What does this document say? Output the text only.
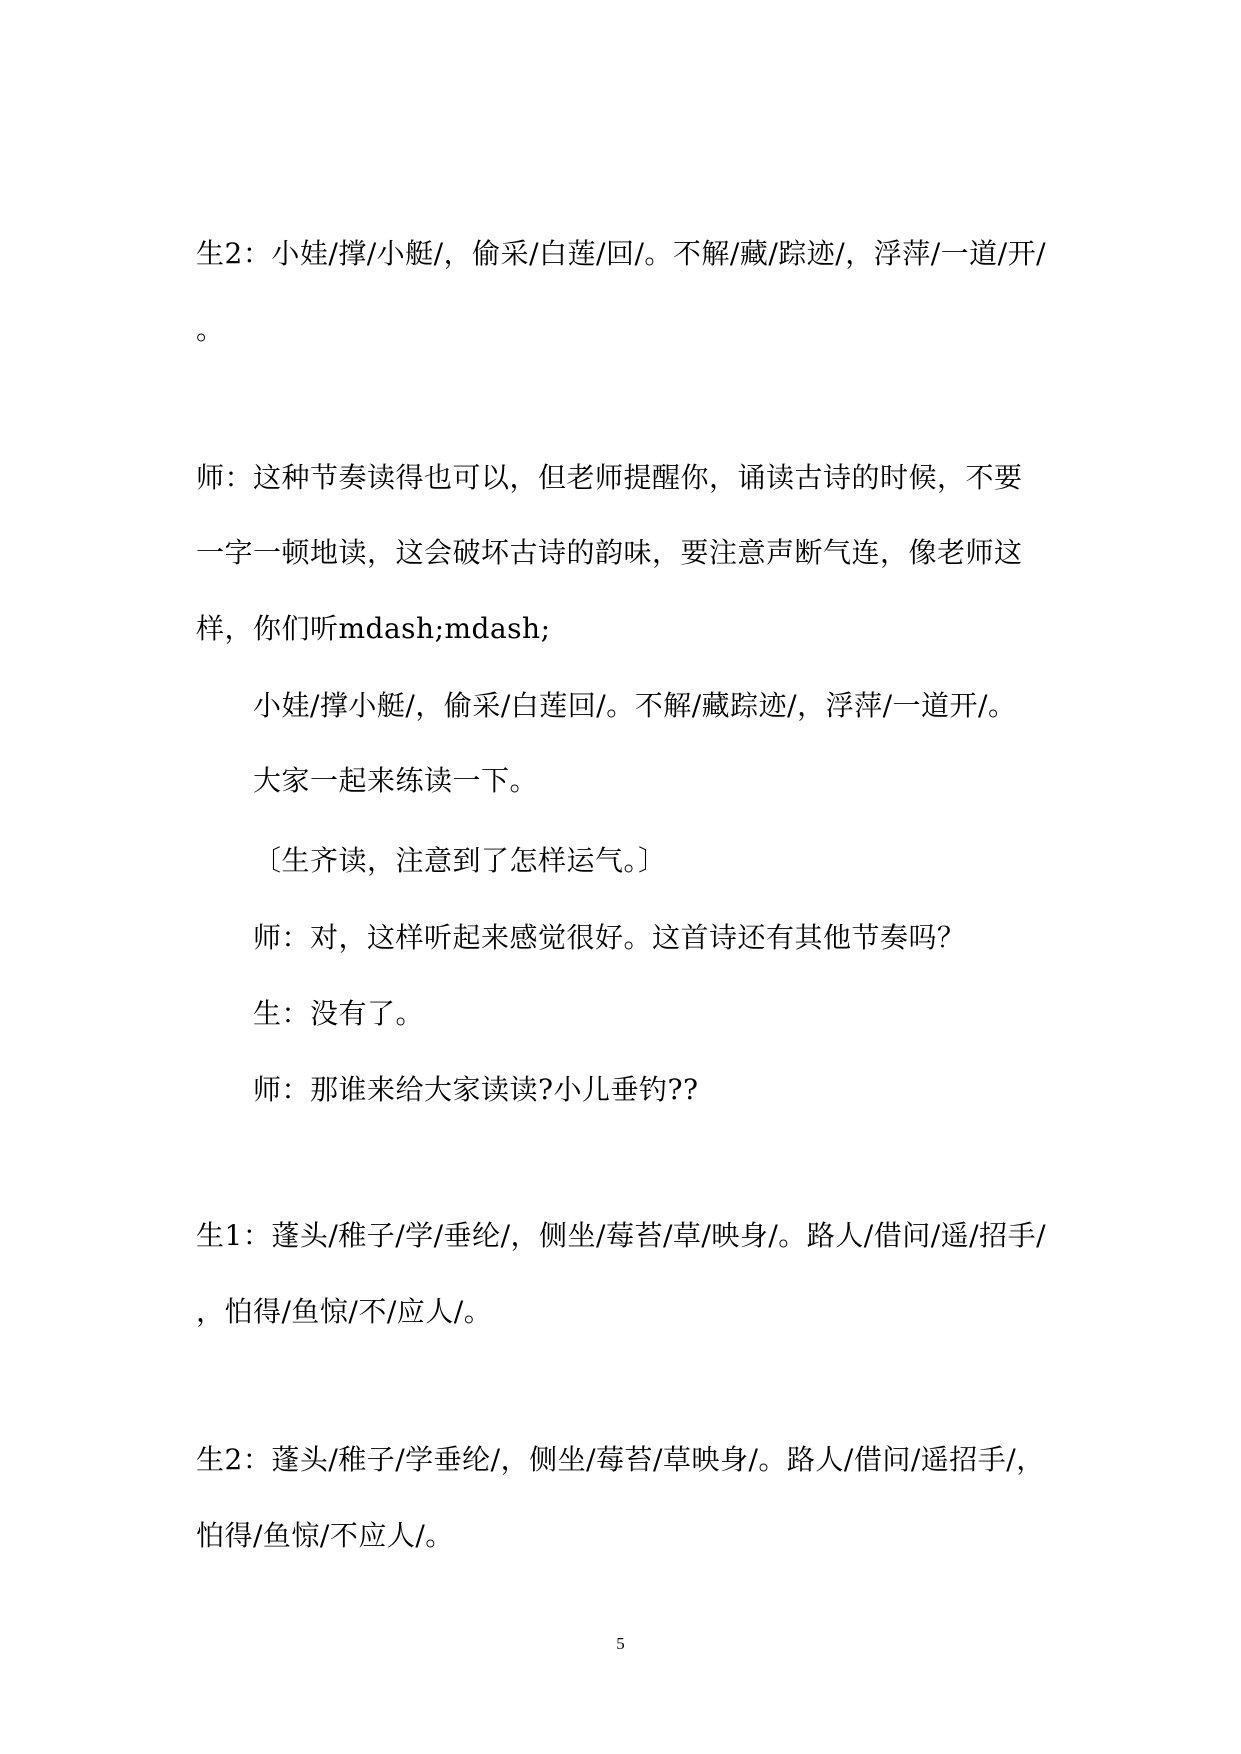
生2：小娃/撑/小艇/，偷采/白莲/回/。不解/藏/踪迹/，浮萍/一道/开/
。
师：这种节奏读得也可以，但老师提醒你，诵读古诗的时候，不要
一字一顿地读，这会破坏古诗的韵味，要注意声断气连，像老师这
样，你们听mdash;mdash;
小娃/撑小艇/，偷采/白莲回/。不解/藏踪迹/，浮萍/一道开/。
大家一起来练读一下。
〔生齐读，注意到了怎样运气。〕
师：对，这样听起来感觉很好。这首诗还有其他节奏吗？
生：没有了。
师：那谁来给大家读读?小儿垂钓??
生1：蓬头/稚子/学/垂纶/，侧坐/莓苔/草/映身/。路人/借问/遥/招手/
，怕得/鱼惊/不/应人/。
生2：蓬头/稚子/学垂纶/，侧坐/莓苔/草映身/。路人/借问/遥招手/，
怕得/鱼惊/不应人/。
5
